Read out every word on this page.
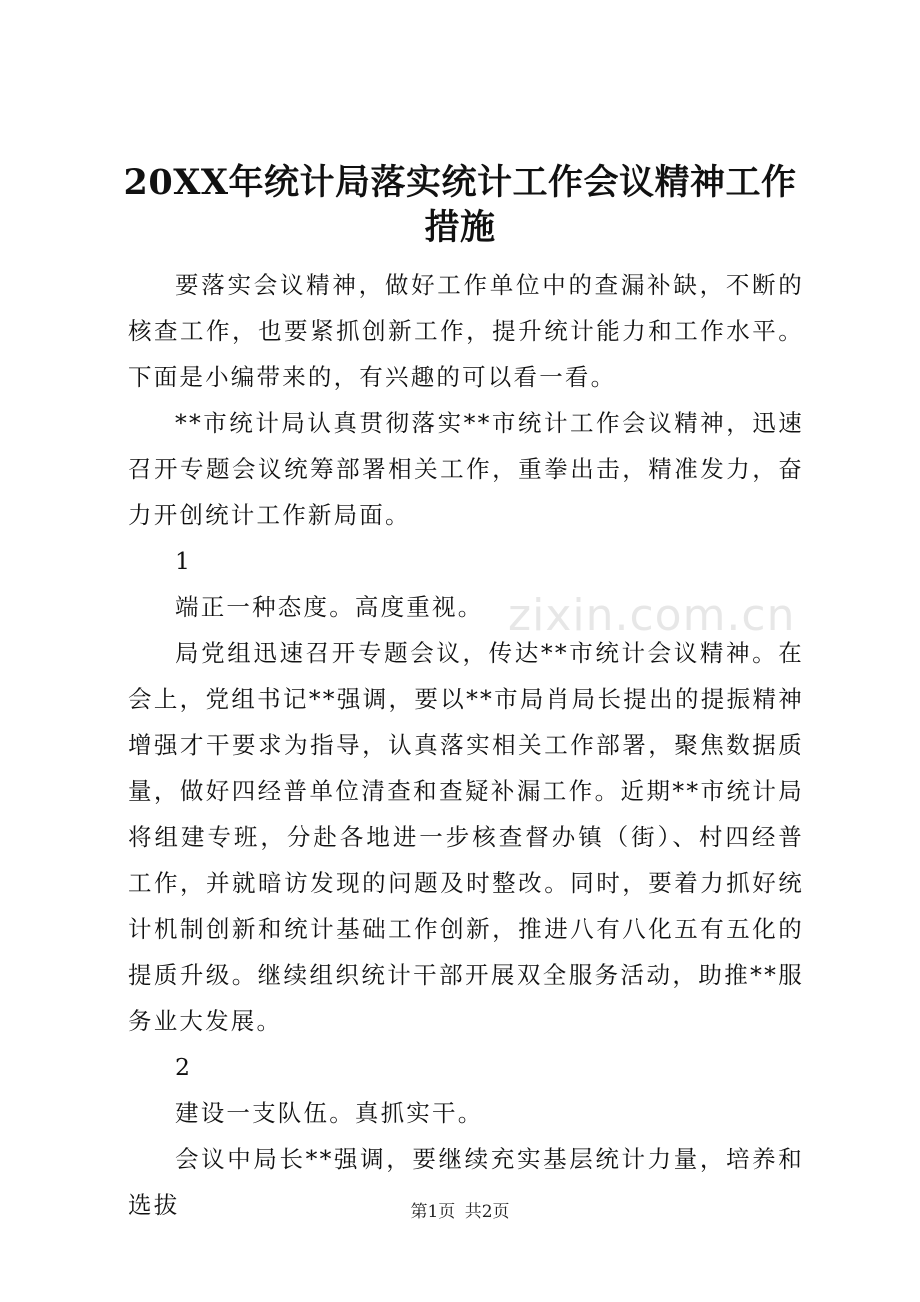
20XX年统计局落实统计工作会议精神工作措施

要落实会议精神，做好工作单位中的查漏补缺，不断的核查工作，也要紧抓创新工作，提升统计能力和工作水平。下面是小编带来的，有兴趣的可以看一看。

**市统计局认真贯彻落实**市统计工作会议精神，迅速召开专题会议统筹部署相关工作，重拳出击，精准发力，奋力开创统计工作新局面。

1

端正一种态度。高度重视。

局党组迅速召开专题会议，传达**市统计会议精神。在会上，党组书记**强调，要以**市局肖局长提出的提振精神增强才干要求为指导，认真落实相关工作部署，聚焦数据质量，做好四经普单位清查和查疑补漏工作。近期**市统计局将组建专班，分赴各地进一步核查督办镇（街）、村四经普工作，并就暗访发现的问题及时整改。同时，要着力抓好统计机制创新和统计基础工作创新，推进八有八化五有五化的提质升级。继续组织统计干部开展双全服务活动，助推**服务业大发展。

2

建设一支队伍。真抓实干。

会议中局长**强调，要继续充实基层统计力量，培养和选拔

zixin.com.cn
第1页 共2页
